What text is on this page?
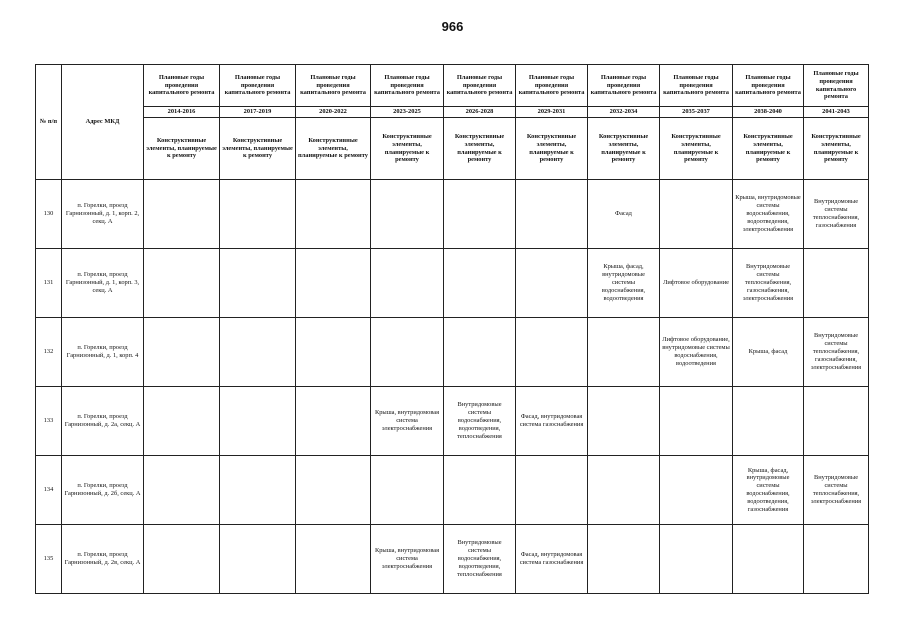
966
№ п/п	Адрес МКД	Плановые годы проведения капитального ремонта	Плановые годы проведения капитального ремонта	Плановые годы проведения капитального ремонта	Плановые годы проведения капитального ремонта	Плановые годы проведения капитального ремонта	Плановые годы проведения капитального ремонта	Плановые годы проведения капитального ремонта	Плановые годы проведения капитального ремонта	Плановые годы проведения капитального ремонта	Плановые годы проведения капитального ремонта
		2014-2016	2017-2019	2020-2022	2023-2025	2026-2028	2029-2031	2032-2034	2035-2037	2038-2040	2041-2043
		Конструктивные элементы, планируемые к ремонту	Конструктивные элементы, планируемые к ремонту	Конструктивные элементы, планируемые к ремонту	Конструктивные элементы, планируемые к ремонту	Конструктивные элементы, планируемые к ремонту	Конструктивные элементы, планируемые к ремонту	Конструктивные элементы, планируемые к ремонту	Конструктивные элементы, планируемые к ремонту	Конструктивные элементы, планируемые к ремонту	Конструктивные элементы, планируемые к ремонту
130	п. Горелки, проезд Гарнизонный, д. 1, корп. 2, секц. А							Фасад		Крыша, внутридомовые системы водоснабжения, водоотведения, электроснабжения	Внутридомовые системы теплоснабжения, газоснабжения
131	п. Горелки, проезд Гарнизонный, д. 1, корп. 3, секц. А							Крыша, фасад, внутридомовые системы водоснабжения, водоотведения	Лифтовое оборудование	Внутридомовые системы теплоснабжения, газоснабжения, электроснабжения	
132	п. Горелки, проезд Гарнизонный, д. 1, корп. 4								Лифтовое оборудование, внутридомовые системы водоснабжения, водоотведения	Крыша, фасад	Внутридомовые системы теплоснабжения, газоснабжения, электроснабжения
133	п. Горелки, проезд Гарнизонный, д. 2а, секц. А				Крыша, внутридомовая система электроснабжения	Внутридомовые системы водоснабжения, водоотведения, теплоснабжения	Фасад, внутридомовая система газоснабжения				
134	п. Горелки, проезд Гарнизонный, д. 2б, секц. А									Крыша, фасад, внутридомовые системы водоснабжения, водоотведения, газоснабжения	Внутридомовые системы теплоснабжения, электроснабжения
135	п. Горелки, проезд Гарнизонный, д. 2в, секц. А				Крыша, внутридомовая система электроснабжения	Внутридомовые системы водоснабжения, водоотведения, теплоснабжения	Фасад, внутридомовая система газоснабжения				
